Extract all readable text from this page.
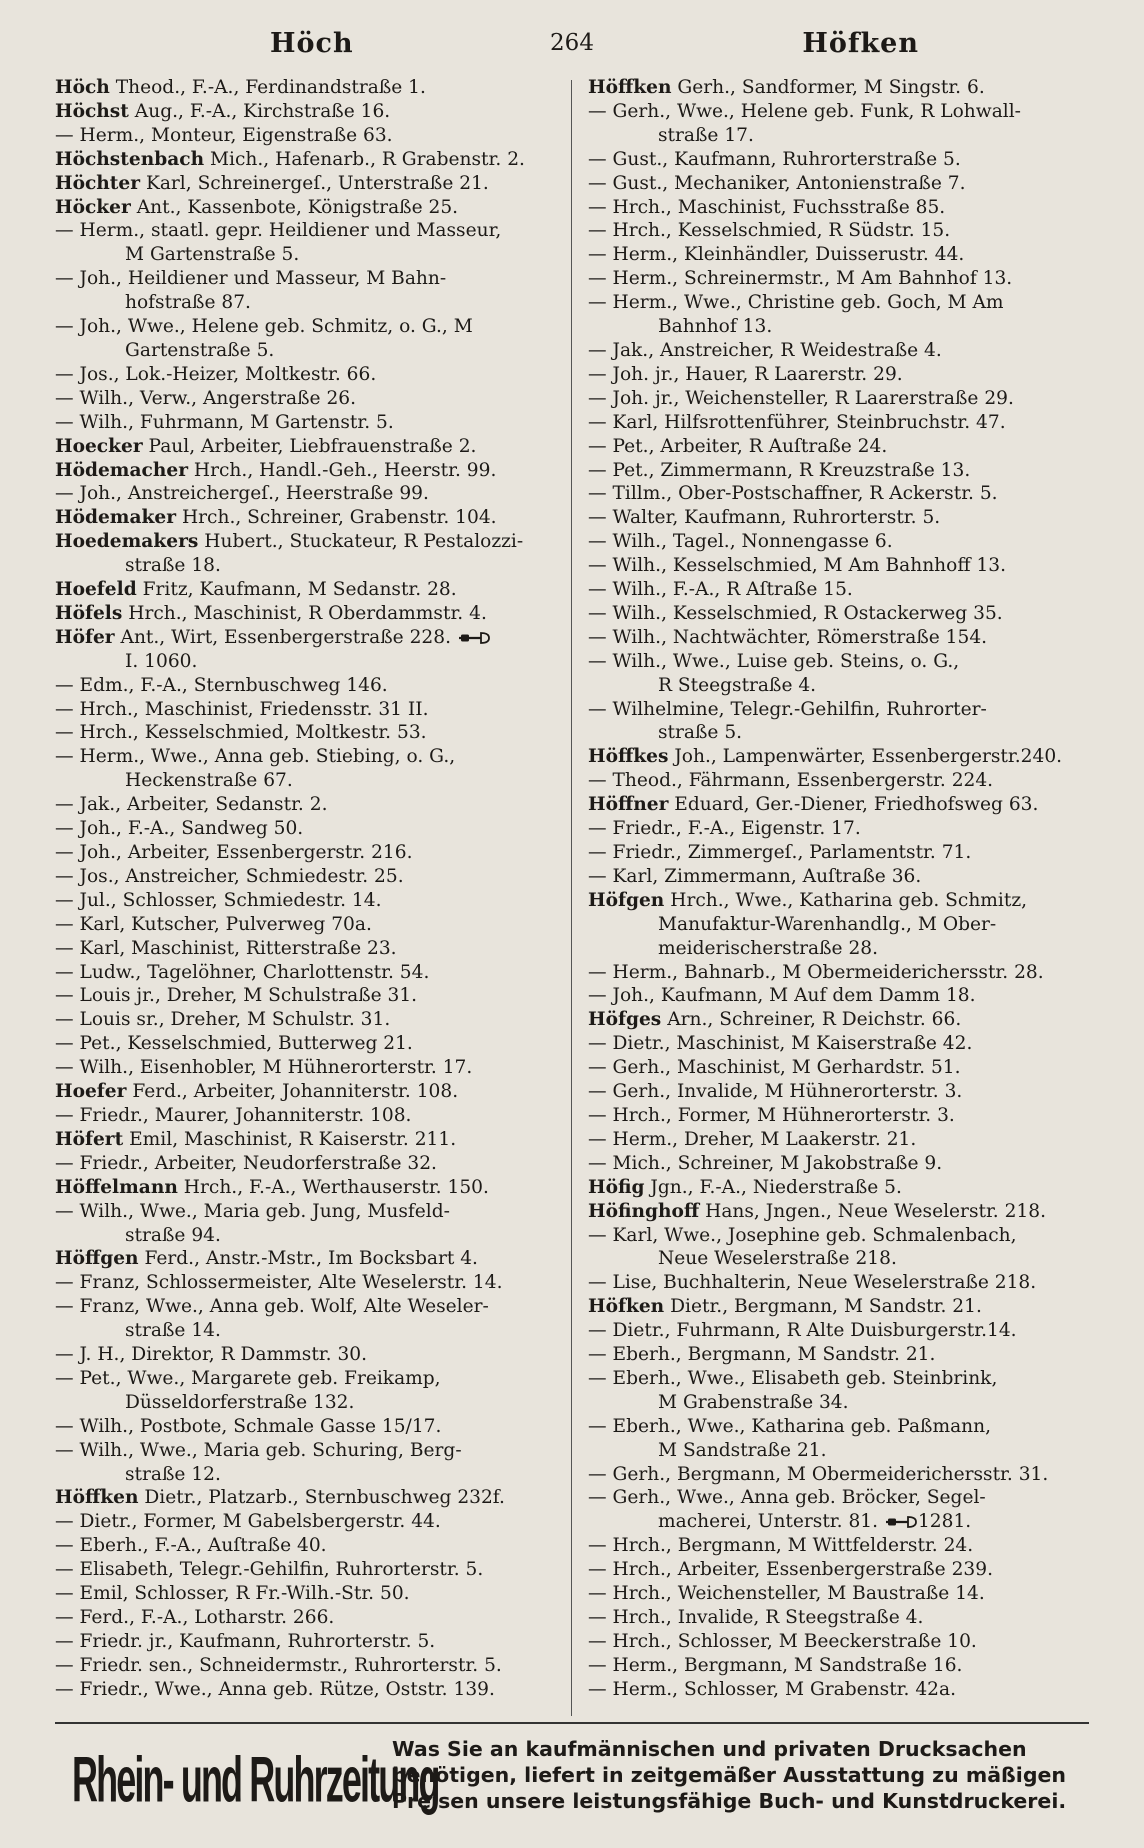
Höch	264	Höfken
Höch Theod., F.-A., Ferdinandstraße 1.
Höchst Aug., F.-A., Kirchstraße 16.
— Herm., Monteur, Eigenstraße 63.
Höchstenbach Mich., Hafenarb., R Grabenstr. 2.
Höchter Karl, Schreinergeſ., Unterstraße 21.
Höcker Ant., Kassenbote, Königstraße 25.
— Herm., staatl. gepr. Heildiener und Masseur,
M Gartenstraße 5.
— Joh., Heildiener und Masseur, M Bahn-
hofstraße 87.
— Joh., Wwe., Helene geb. Schmitz, o. G., M
Gartenstraße 5.
— Jos., Lok.-Heizer, Moltkestr. 66.
— Wilh., Verw., Angerstraße 26.
— Wilh., Fuhrmann, M Gartenstr. 5.
Hoecker Paul, Arbeiter, Liebfrauenstraße 2.
Hödemacher Hrch., Handl.-Geh., Heerstr. 99.
— Joh., Anstreichergeſ., Heerstraße 99.
Hödemaker Hrch., Schreiner, Grabenstr. 104.
Hoedemakers Hubert., Stuckateur, R Pestalozzi-
straße 18.
Hoefeld Fritz, Kaufmann, M Sedanstr. 28.
Höfels Hrch., Maschinist, R Oberdammstr. 4.
Höfer Ant., Wirt, Essenbergerstraße 228.
I. 1060.
— Edm., F.-A., Sternbuschweg 146.
— Hrch., Maschinist, Friedensstr. 31 II.
— Hrch., Kesselschmied, Moltkestr. 53.
— Herm., Wwe., Anna geb. Stiebing, o. G.,
Heckenstraße 67.
— Jak., Arbeiter, Sedanstr. 2.
— Joh., F.-A., Sandweg 50.
— Joh., Arbeiter, Essenbergerstr. 216.
— Jos., Anstreicher, Schmiedestr. 25.
— Jul., Schlosser, Schmiedestr. 14.
— Karl, Kutscher, Pulverweg 70a.
— Karl, Maschinist, Ritterstraße 23.
— Ludw., Tagelöhner, Charlottenstr. 54.
— Louis jr., Dreher, M Schulstraße 31.
— Louis sr., Dreher, M Schulstr. 31.
— Pet., Kesselschmied, Butterweg 21.
— Wilh., Eisenhobler, M Hühnerorterstr. 17.
Hoefer Ferd., Arbeiter, Johanniterstr. 108.
— Friedr., Maurer, Johanniterstr. 108.
Höfert Emil, Maschinist, R Kaiserstr. 211.
— Friedr., Arbeiter, Neudorferstraße 32.
Höffelmann Hrch., F.-A., Werthauserstr. 150.
— Wilh., Wwe., Maria geb. Jung, Musfeld-
straße 94.
Höffgen Ferd., Anstr.-Mstr., Im Bocksbart 4.
— Franz, Schlossermeister, Alte Weselerstr. 14.
— Franz, Wwe., Anna geb. Wolf, Alte Weseler-
straße 14.
— J. H., Direktor, R Dammstr. 30.
— Pet., Wwe., Margarete geb. Freikamp,
Düsseldorferstraße 132.
— Wilh., Postbote, Schmale Gasse 15/17.
— Wilh., Wwe., Maria geb. Schuring, Berg-
straße 12.
Höffken Dietr., Platzarb., Sternbuschweg 232f.
— Dietr., Former, M Gabelsbergerstr. 44.
— Eberh., F.-A., Auſtraße 40.
— Elisabeth, Telegr.-Gehilfin, Ruhrorterstr. 5.
— Emil, Schlosser, R Fr.-Wilh.-Str. 50.
— Ferd., F.-A., Lotharstr. 266.
— Friedr. jr., Kaufmann, Ruhrorterstr. 5.
— Friedr. sen., Schneidermstr., Ruhrorterstr. 5.
— Friedr., Wwe., Anna geb. Rütze, Oststr. 139.
Höffken Gerh., Sandformer, M Singstr. 6.
— Gerh., Wwe., Helene geb. Funk, R Lohwall-
straße 17.
— Gust., Kaufmann, Ruhrorterstraße 5.
— Gust., Mechaniker, Antonienstraße 7.
— Hrch., Maschinist, Fuchsstraße 85.
— Hrch., Kesselschmied, R Südstr. 15.
— Herm., Kleinhändler, Duisserustr. 44.
— Herm., Schreinermstr., M Am Bahnhof 13.
— Herm., Wwe., Christine geb. Goch, M Am
Bahnhof 13.
— Jak., Anstreicher, R Weidestraße 4.
— Joh. jr., Hauer, R Laarerstr. 29.
— Joh. jr., Weichensteller, R Laarerstraße 29.
— Karl, Hilfsrottenführer, Steinbruchstr. 47.
— Pet., Arbeiter, R Auſtraße 24.
— Pet., Zimmermann, R Kreuzstraße 13.
— Tillm., Ober-Postschaffner, R Ackerstr. 5.
— Walter, Kaufmann, Ruhrorterstr. 5.
— Wilh., Tagel., Nonnengasse 6.
— Wilh., Kesselschmied, M Am Bahnhoff 13.
— Wilh., F.-A., R Aſtraße 15.
— Wilh., Kesselschmied, R Ostackerweg 35.
— Wilh., Nachtwächter, Römerstraße 154.
— Wilh., Wwe., Luise geb. Steins, o. G.,
R Steegstraße 4.
— Wilhelmine, Telegr.-Gehilfin, Ruhrorter-
straße 5.
Höffkes Joh., Lampenwärter, Essenbergerstr.240.
— Theod., Fährmann, Essenbergerstr. 224.
Höffner Eduard, Ger.-Diener, Friedhofsweg 63.
— Friedr., F.-A., Eigenstr. 17.
— Friedr., Zimmergeſ., Parlamentstr. 71.
— Karl, Zimmermann, Auſtraße 36.
Höfgen Hrch., Wwe., Katharina geb. Schmitz,
Manufaktur-Warenhandlg., M Ober-
meiderischerstraße 28.
— Herm., Bahnarb., M Obermeiderichersstr. 28.
— Joh., Kaufmann, M Auf dem Damm 18.
Höfges Arn., Schreiner, R Deichstr. 66.
— Dietr., Maschinist, M Kaiserstraße 42.
— Gerh., Maschinist, M Gerhardstr. 51.
— Gerh., Invalide, M Hühnerorterstr. 3.
— Hrch., Former, M Hühnerorterstr. 3.
— Herm., Dreher, M Laakerstr. 21.
— Mich., Schreiner, M Jakobstraße 9.
Höfig Jgn., F.-A., Niederstraße 5.
Höfinghoff Hans, Jngen., Neue Weselerstr. 218.
— Karl, Wwe., Josephine geb. Schmalenbach,
Neue Weselerstraße 218.
— Lise, Buchhalterin, Neue Weselerstraße 218.
Höfken Dietr., Bergmann, M Sandstr. 21.
— Dietr., Fuhrmann, R Alte Duisburgerstr.14.
— Eberh., Bergmann, M Sandstr. 21.
— Eberh., Wwe., Elisabeth geb. Steinbrink,
M Grabenstraße 34.
— Eberh., Wwe., Katharina geb. Paßmann,
M Sandstraße 21.
— Gerh., Bergmann, M Obermeiderichersstr. 31.
— Gerh., Wwe., Anna geb. Bröcker, Segel-
macherei, Unterstr. 81. 1281.
— Hrch., Bergmann, M Wittfelderstr. 24.
— Hrch., Arbeiter, Essenbergerstraße 239.
— Hrch., Weichensteller, M Baustraße 14.
— Hrch., Invalide, R Steegstraße 4.
— Hrch., Schlosser, M Beeckerstraße 10.
— Herm., Bergmann, M Sandstraße 16.
— Herm., Schlosser, M Grabenstr. 42a.
Rhein- und Ruhrzeitung
Was Sie an kaufmännischen und privaten Drucksachen
benötigen, liefert in zeitgemäßer Ausstattung zu mäßigen
Preisen unsere leistungsfähige Buch- und Kunstdruckerei.
